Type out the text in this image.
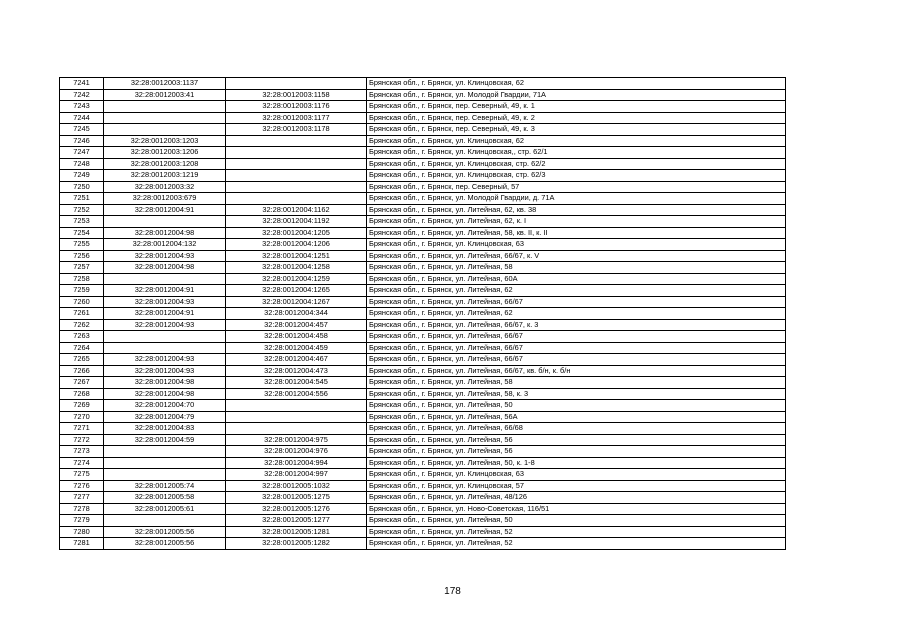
7241	32:28:0012003:1137		Брянская обл., г. Брянск, ул. Клинцовская, 62
7242	32:28:0012003:41	32:28:0012003:1158	Брянская обл., г. Брянск, ул. Молодой Гвардии, 71А
7243		32:28:0012003:1176	Брянская обл., г. Брянск, пер. Северный, 49, к. 1
7244		32:28:0012003:1177	Брянская обл., г. Брянск, пер. Северный, 49, к. 2
7245		32:28:0012003:1178	Брянская обл., г. Брянск, пер. Северный, 49, к. 3
7246	32:28:0012003:1203		Брянская обл., г. Брянск, ул. Клинцовская, 62
7247	32:28:0012003:1206		Брянская обл., г. Брянск, ул. Клинцовская,, стр. 62/1
7248	32:28:0012003:1208		Брянская обл., г. Брянск, ул. Клинцовская, стр. 62/2
7249	32:28:0012003:1219		Брянская обл., г. Брянск, ул. Клинцовская, стр. 62/3
7250	32:28:0012003:32		Брянская обл., г. Брянск, пер. Северный, 57
7251	32:28:0012003:679		Брянская обл., г. Брянск, ул. Молодой Гвардии, д. 71А
7252	32:28:0012004:91	32:28:0012004:1162	Брянская обл., г. Брянск, ул. Литейная, 62, кв. 38
7253		32:28:0012004:1192	Брянская обл., г. Брянск, ул. Литейная, 62, к. I
7254	32:28:0012004:98	32:28:0012004:1205	Брянская обл., г. Брянск, ул. Литейная, 58, кв. II, к. II
7255	32:28:0012004:132	32:28:0012004:1206	Брянская обл., г. Брянск, ул. Клинцовская, 63
7256	32:28:0012004:93	32:28:0012004:1251	Брянская обл., г. Брянск, ул. Литейная, 66/67, к. V
7257	32:28:0012004:98	32:28:0012004:1258	Брянская обл., г. Брянск, ул. Литейная, 58
7258		32:28:0012004:1259	Брянская обл., г. Брянск, ул. Литейная, 60А
7259	32:28:0012004:91	32:28:0012004:1265	Брянская обл., г. Брянск, ул. Литейная, 62
7260	32:28:0012004:93	32:28:0012004:1267	Брянская обл., г. Брянск, ул. Литейная, 66/67
7261	32:28:0012004:91	32:28:0012004:344	Брянская обл., г. Брянск, ул. Литейная, 62
7262	32:28:0012004:93	32:28:0012004:457	Брянская обл., г. Брянск, ул. Литейная, 66/67, к. 3
7263		32:28:0012004:458	Брянская обл., г. Брянск, ул. Литейная, 66/67
7264		32:28:0012004:459	Брянская обл., г. Брянск, ул. Литейная, 66/67
7265	32:28:0012004:93	32:28:0012004:467	Брянская обл., г. Брянск, ул. Литейная, 66/67
7266	32:28:0012004:93	32:28:0012004:473	Брянская обл., г. Брянск, ул. Литейная, 66/67, кв. б/н, к. б/н
7267	32:28:0012004:98	32:28:0012004:545	Брянская обл., г. Брянск, ул. Литейная, 58
7268	32:28:0012004:98	32:28:0012004:556	Брянская обл., г. Брянск, ул. Литейная, 58, к. 3
7269	32:28:0012004:70		Брянская обл., г. Брянск, ул. Литейная, 50
7270	32:28:0012004:79		Брянская обл., г. Брянск, ул. Литейная, 56А
7271	32:28:0012004:83		Брянская обл., г. Брянск, ул. Литейная, 66/68
7272	32:28:0012004:59	32:28:0012004:975	Брянская обл., г. Брянск, ул. Литейная, 56
7273		32:28:0012004:976	Брянская обл., г. Брянск, ул. Литейная, 56
7274		32:28:0012004:994	Брянская обл., г. Брянск, ул. Литейная, 50, к. 1-8
7275		32:28:0012004:997	Брянская обл., г. Брянск, ул. Клинцовская, 63
7276	32:28:0012005:74	32:28:0012005:1032	Брянская обл., г. Брянск, ул. Клинцовская, 57
7277	32:28:0012005:58	32:28:0012005:1275	Брянская обл., г. Брянск, ул. Литейная, 48/126
7278	32:28:0012005:61	32:28:0012005:1276	Брянская обл., г. Брянск, ул. Ново-Советская, 116/51
7279		32:28:0012005:1277	Брянская обл., г. Брянск, ул. Литейная, 50
7280	32:28:0012005:56	32:28:0012005:1281	Брянская обл., г. Брянск, ул. Литейная, 52
7281	32:28:0012005:56	32:28:0012005:1282	Брянская обл., г. Брянск, ул. Литейная, 52
178
